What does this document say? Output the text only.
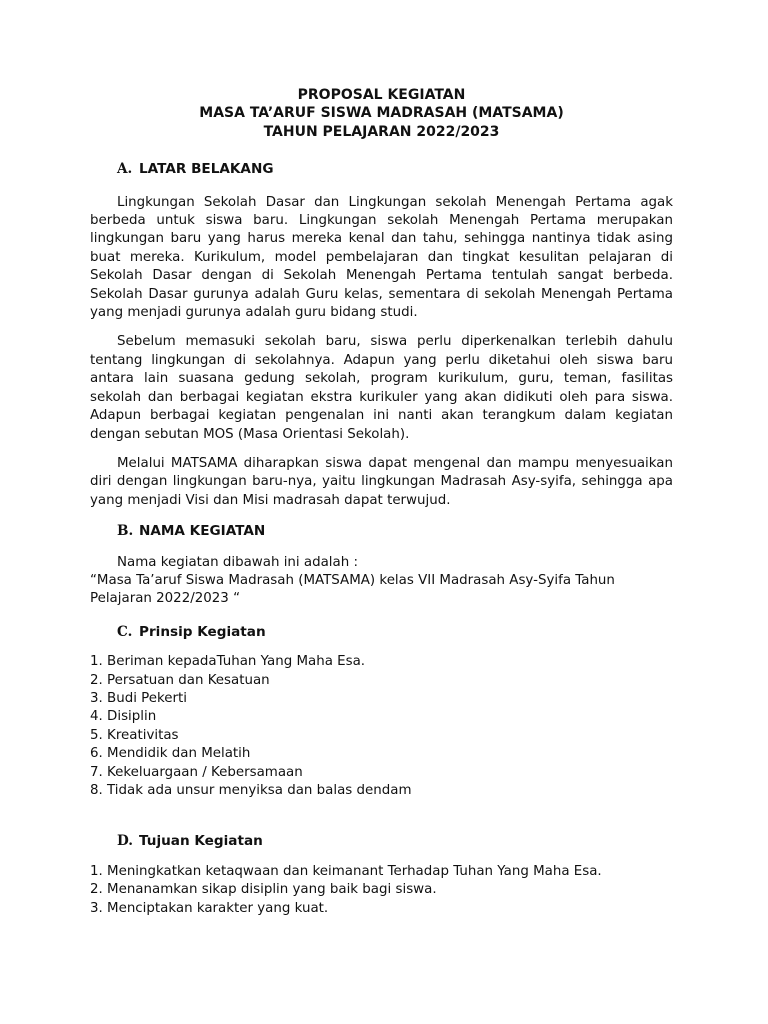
PROPOSAL KEGIATAN
MASA TA’ARUF SISWA MADRASAH (MATSAMA)
TAHUN PELAJARAN 2022/2023
A. LATAR BELAKANG

Lingkungan Sekolah Dasar dan Lingkungan sekolah Menengah Pertama agak berbeda untuk siswa baru. Lingkungan sekolah Menengah Pertama merupakan lingkungan baru yang harus mereka kenal dan tahu, sehingga nantinya tidak asing buat mereka. Kurikulum, model pembelajaran dan tingkat kesulitan pelajaran di Sekolah Dasar dengan di Sekolah Menengah Pertama tentulah sangat berbeda. Sekolah Dasar gurunya adalah Guru kelas, sementara di sekolah Menengah Pertama yang menjadi gurunya adalah guru bidang studi.

Sebelum memasuki sekolah baru, siswa perlu diperkenalkan terlebih dahulu tentang lingkungan di sekolahnya. Adapun yang perlu diketahui oleh siswa baru antara lain suasana gedung sekolah, program kurikulum, guru, teman, fasilitas sekolah dan berbagai kegiatan ekstra kurikuler yang akan didikuti oleh para siswa. Adapun berbagai kegiatan pengenalan ini nanti akan terangkum dalam kegiatan dengan sebutan MOS (Masa Orientasi Sekolah).

Melalui MATSAMA diharapkan siswa dapat mengenal dan mampu menyesuaikan diri dengan lingkungan baru-nya, yaitu lingkungan Madrasah Asy-syifa, sehingga apa yang menjadi Visi dan Misi madrasah dapat terwujud.

B. NAMA KEGIATAN
Nama kegiatan dibawah ini adalah :
“Masa Ta’aruf Siswa Madrasah (MATSAMA) kelas VII Madrasah Asy-Syifa Tahun Pelajaran 2022/2023 “
C. Prinsip Kegiatan
1. Beriman kepadaTuhan Yang Maha Esa.
2. Persatuan dan Kesatuan
3. Budi Pekerti
4. Disiplin
5. Kreativitas
6. Mendidik dan Melatih
7. Kekeluargaan / Kebersamaan
8. Tidak ada unsur menyiksa dan balas dendam
D. Tujuan Kegiatan
1. Meningkatkan ketaqwaan dan keimanant Terhadap Tuhan Yang Maha Esa.
2. Menanamkan sikap disiplin yang baik bagi siswa.
3. Menciptakan karakter yang kuat.
